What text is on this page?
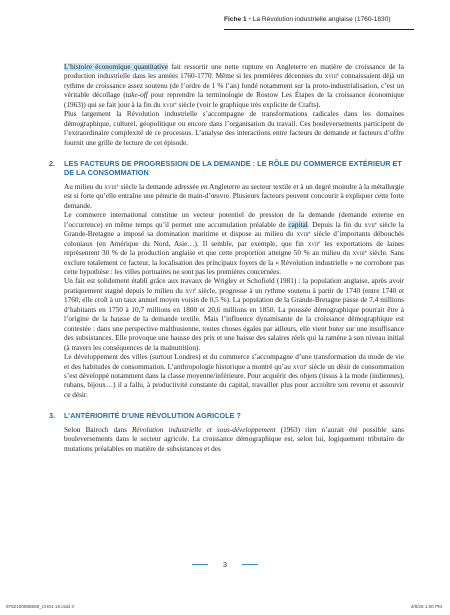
Fiche 1 • La Révolution industrielle anglaise (1760-1830)

L’histoire économique quantitative fait ressortir une nette rupture en Angleterre en matière de croissance de la production industrielle dans les années 1760-1770. Même si les premières décennies du xviii$^e$ connaissaient déjà un rythme de croissance assez soutenu (de l’ordre de 1 % l’an) fondé notamment sur la proto-industrialisation, c’est un véritable décollage (take-off pour reprendre la terminologie de Rostow Les Étapes de la croissance économique (1963)) qui se fait jour à la fin du xviii$^e$ siècle (voir le graphique très explicite de Crafts).

Plus largement la Révolution industrielle s’accompagne de transformations radicales dans les domaines démographique, culturel, géopolitique ou encore dans l’organisation du travail. Ces bouleversements participent de l’extraordinaire complexité de ce processus. L’analyse des interactions entre facteurs de demande et facteurs d’offre fournit une grille de lecture de cet épisode.

2.	LES FACTEURS DE PROGRESSION DE LA DEMANDE : LE RÔLE DU COMMERCE EXTÉRIEUR ET DE LA CONSOMMATION

Au milieu du xviii$^e$ siècle la demande adressée en Angleterre au secteur textile et à un degré moindre à la métallurgie est si forte qu’elle entraîne une pénurie de main-d’œuvre. Plusieurs facteurs peuvent concourir à expliquer cette forte demande.

Le commerce international constitue un vecteur potentiel de pression de la demande (demande externe en l’occurrence) en même temps qu’il permet une accumulation préalable de capital. Depuis la fin du xvii$^e$ siècle la Grande-Bretagne a imposé sa domination maritime et dispose au milieu du xviii$^e$ siècle d’importants débouchés coloniaux (en Amérique du Nord, Asie…). Il semble, par exemple, que fin xvii$^e$ les exportations de laines représentent 30 % de la production anglaise et que cette proportion atteigne 50 % au milieu du xviii$^e$ siècle. Sans exclure totalement ce facteur, la localisation des principaux foyers de la « Révolution industrielle » ne corrobore pas cette hypothèse : les villes portuaires ne sont pas les premières concernées.

Un fait est solidement établi grâce aux travaux de Wrigley et Schofield (1981) : la population anglaise, après avoir pratiquement stagné depuis le milieu du xvi$^e$ siècle, progresse à un rythme soutenu à partir de 1740 (entre 1740 et 1760, elle croît à un taux annuel moyen voisin de 0,5 %). La population de la Grande-Bretagne passe de 7,4 millions d’habitants en 1750 à 10,7 millions en 1800 et 20,6 millions en 1850. La poussée démographique pourrait être à l’origine de la hausse de la demande textile. Mais l’influence dynamisante de la croissance démographique est contestée : dans une perspective malthusienne, toutes choses égales par ailleurs, elle vient buter sur une insuffisance des subsistances. Elle provoque une hausse des prix et une baisse des salaires réels qui la ramène à son niveau initial (à travers les conséquences de la malnutrition).

Le développement des villes (surtout Londres) et du commerce s’accompagne d’une transformation du mode de vie et des habitudes de consommation. L’anthropologie historique a montré qu’au xviii$^e$ siècle un désir de consommation s’est développé notamment dans la classe moyenne/inférieure. Pour acquérir des objets (tissus à la mode (indiennes), rubans, bijoux…) il a fallu, à productivité constante du capital, travailler plus pour accroître son revenu et assouvir ce désir.

3.	L’ANTÉRIORITÉ D’UNE RÉVOLUTION AGRICOLE ?

Selon Bairoch dans Révolution industrielle et sous-développement (1963) rien n’aurait été possible sans bouleversements dans le secteur agricole. La croissance démographique est, selon lui, logiquement tributaire de mutations préalables en matière de subsistances et des

3
9782100886559_CH01-10.indd 3	4/8/25 1:00 PM
